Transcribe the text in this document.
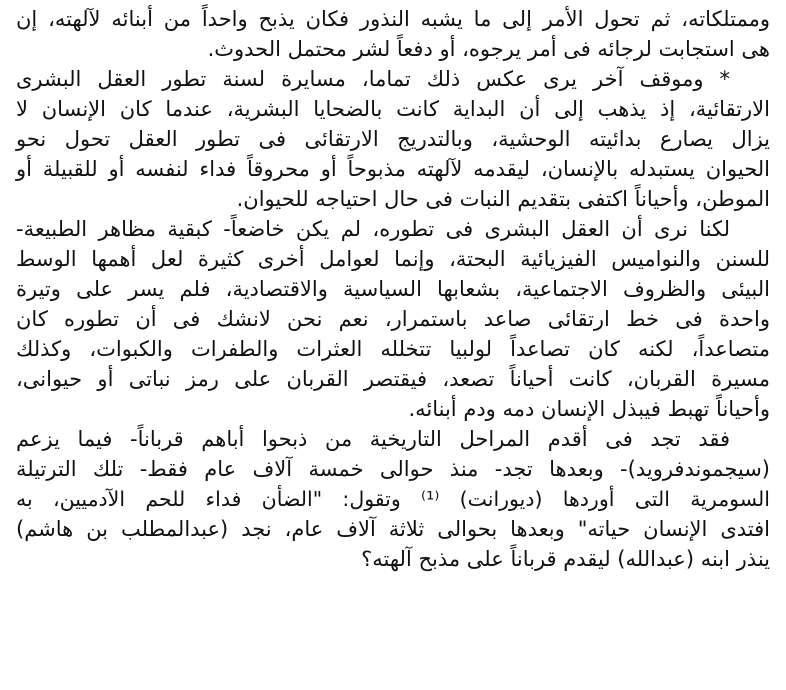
وممتلكاته، ثم تحول الأمر إلى ما يشبه النذور فكان يذبح واحداً من أبنائه لآلهته، إن
هى استجابت لرجائه فى أمر يرجوه، أو دفعاً لشر محتمل الحدوث.
* وموقف آخر يرى عكس ذلك تماما، مسايرة لسنة تطور العقل البشرى
الارتقائية، إذ يذهب إلى أن البداية كانت بالضحايا البشرية، عندما كان الإنسان لا
يزال يصارع بدائيته الوحشية، وبالتدريج الارتقائى فى تطور العقل تحول نحو
الحيوان يستبدله بالإنسان، ليقدمه لآلهته مذبوحاً أو محروقاً فداء لنفسه أو للقبيلة أو
الموطن، وأحياناً اكتفى بتقديم النبات فى حال احتياجه للحيوان.
لكنا نرى أن العقل البشرى فى تطوره، لم يكن خاضعاً- كبقية مظاهر الطبيعة-
للسنن والنواميس الفيزيائية البحتة، وإنما لعوامل أخرى كثيرة لعل أهمها الوسط
البيئى والظروف الاجتماعية، بشعابها السياسية والاقتصادية، فلم يسر على وتيرة
واحدة فى خط ارتقائى صاعد باستمرار، نعم نحن لانشك فى أن تطوره كان
متصاعداً، لكنه كان تصاعداً لولبيا تتخلله العثرات والطفرات والكبوات، وكذلك
مسيرة القربان، كانت أحياناً تصعد، فيقتصر القربان على رمز نباتى أو حيوانى،
وأحياناً تهبط فيبذل الإنسان دمه ودم أبنائه.
فقد تجد فى أقدم المراحل التاريخية من ذبحوا أباهم قرباناً- فيما يزعم
(سيجموندفرويد)- وبعدها تجد- منذ حوالى خمسة آلاف عام فقط- تلك الترتيلة
السومرية التى أوردها (ديورانت) ⁽¹⁾ وتقول: "الضأن فداء للحم الآدميين، به
افتدى الإنسان حياته" وبعدها بحوالى ثلاثة آلاف عام، نجد (عبدالمطلب بن هاشم)
ينذر ابنه (عبدالله) ليقدم قرباناً على مذبح آلهته؟
